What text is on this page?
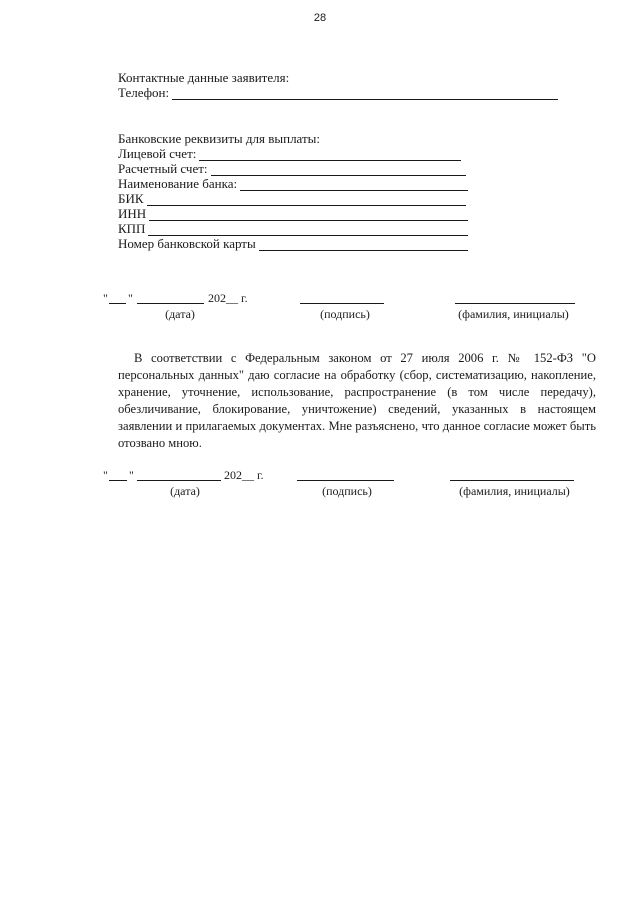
28
Контактные данные заявителя:
Телефон:
Банковские реквизиты для выплаты:
Лицевой счет:
Расчетный счет:
Наименование банка:
БИК
ИНН
КПП
Номер банковской карты
" "	202__ г.
(дата)	(подпись)	(фамилия, инициалы)
В соответствии с Федеральным законом от 27 июля 2006 г. № 152-ФЗ "О персональных данных" даю согласие на обработку (сбор, систематизацию, накопление, хранение, уточнение, использование, распространение (в том числе передачу), обезличивание, блокирование, уничтожение) сведений, указанных в настоящем заявлении и прилагаемых документах. Мне разъяснено, что данное согласие может быть отозвано мною.
" "	202__ г.
(дата)	(подпись)	(фамилия, инициалы)
